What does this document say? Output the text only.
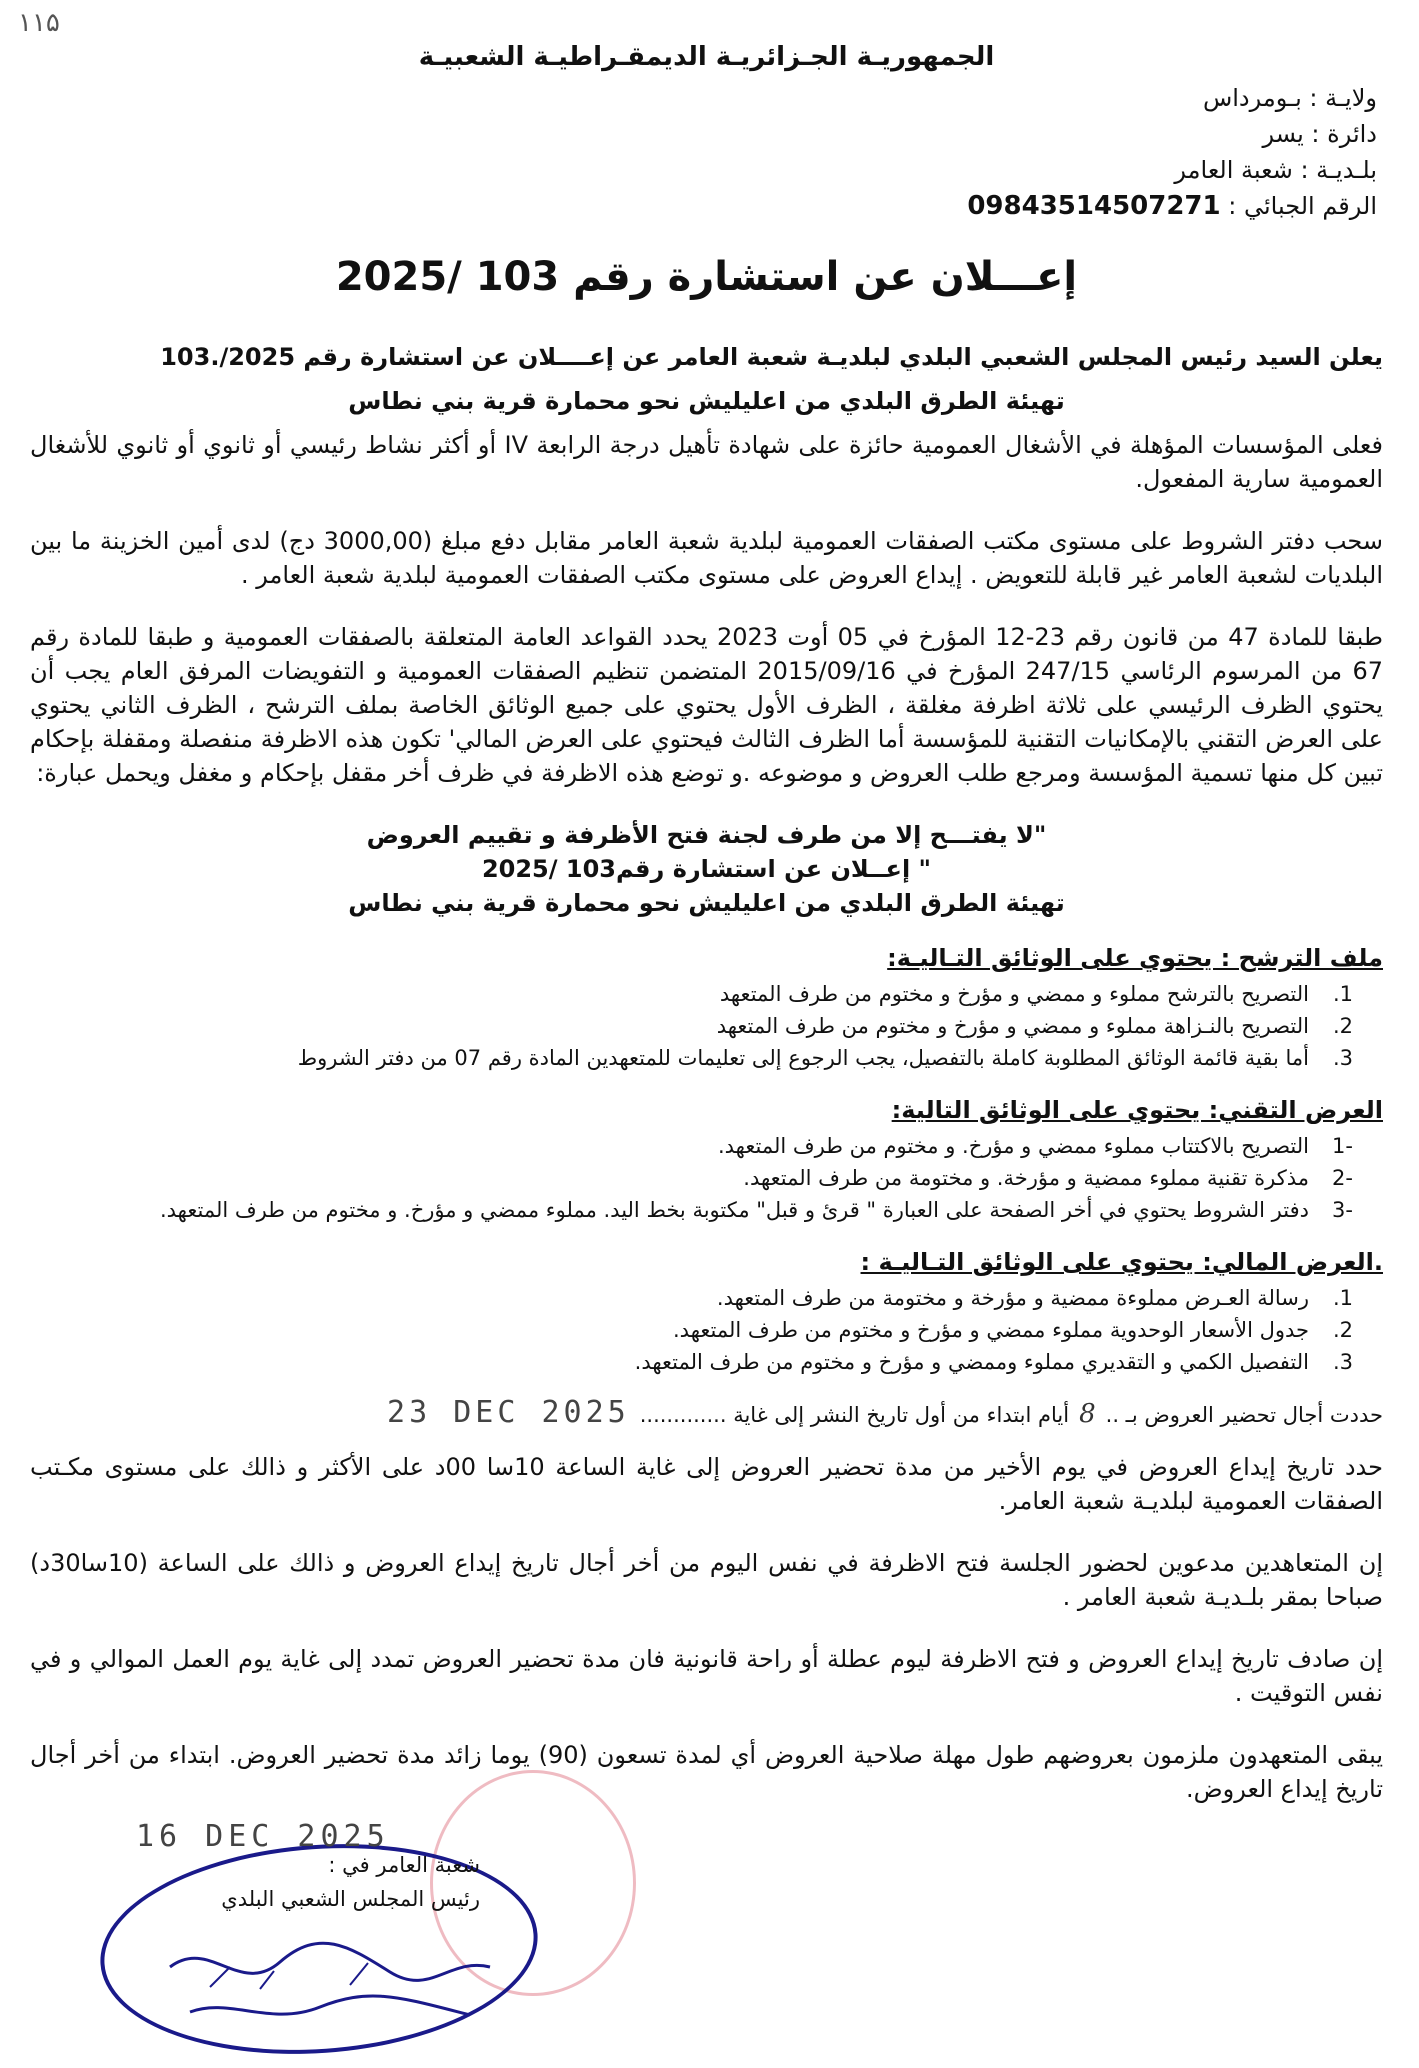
۱۱۵
الجمهوريـة الجـزائريـة الديمقـراطيـة الشعبيـة
ولايـة : بـومرداس
دائرة : يسر
بلـديـة : شعبة العامر
الرقم الجبائي : 09843514507271
إعـــلان عن استشارة رقم 103 /2025

يعلن السيد رئيس المجلس الشعبي البلدي لبلديـة شعبة العامر عن إعــــلان عن استشارة رقم 2025/.103

تهيئة الطرق البلدي من اعليليش نحو محمارة قرية بني نطاس

فعلى المؤسسات المؤهلة في الأشغال العمومية حائزة على شهادة تأهيل درجة الرابعة IV أو أكثر نشاط رئيسي أو ثانوي أو ثانوي للأشغال العمومية سارية المفعول.

سحب دفتر الشروط على مستوى مكتب الصفقات العمومية لبلدية شعبة العامر مقابل دفع مبلغ (3000,00 دج) لدى أمين الخزينة ما بين البلديات لشعبة العامر غير قابلة للتعويض . إيداع العروض على مستوى مكتب الصفقات العمومية لبلدية شعبة العامر .

طبقا للمادة 47 من قانون رقم 23-12 المؤرخ في 05 أوت 2023 يحدد القواعد العامة المتعلقة بالصفقات العمومية و طبقا للمادة رقم 67 من المرسوم الرئاسي 247/15 المؤرخ في 2015/09/16 المتضمن تنظيم الصفقات العمومية و التفويضات المرفق العام يجب أن يحتوي الظرف الرئيسي على ثلاثة اظرفة مغلقة ، الظرف الأول يحتوي على جميع الوثائق الخاصة بملف الترشح ، الظرف الثاني يحتوي على العرض التقني بالإمكانيات التقنية للمؤسسة أما الظرف الثالث فيحتوي على العرض المالي' تكون هذه الاظرفة منفصلة ومقفلة بإحكام تبين كل منها تسمية المؤسسة ومرجع طلب العروض و موضوعه .و توضع هذه الاظرفة في ظرف أخر مقفل بإحكام و مغفل ويحمل عبارة:

"لا يفتـــح إلا من طرف لجنة فتح الأظرفة و تقييم العروض
" إعــلان عن استشارة رقم103 /2025
تهيئة الطرق البلدي من اعليليش نحو محمارة قرية بني نطاس
ملف الترشح : يحتوي على الوثائق التـاليـة:
1.
التصريح بالترشح مملوء و ممضي و مؤرخ و مختوم من طرف المتعهد
2.
التصريح بالنـزاهة مملوء و ممضي و مؤرخ و مختوم من طرف المتعهد
3.
أما بقية قائمة الوثائق المطلوبة كاملة بالتفصيل، يجب الرجوع إلى تعليمات للمتعهدين المادة رقم 07 من دفتر الشروط
العرض التقني: يحتوي على الوثائق التالية:
-1
التصريح بالاكتتاب مملوء ممضي و مؤرخ. و مختوم من طرف المتعهد.
-2
مذكرة تقنية مملوء ممضية و مؤرخة. و مختومة من طرف المتعهد.
-3
دفتر الشروط يحتوي في أخر الصفحة على العبارة " قرئ و قبل" مكتوبة بخط اليد. مملوء ممضي و مؤرخ. و مختوم من طرف المتعهد.
.العرض المالي: يحتوي على الوثائق التـاليـة :
1.
رسالة العـرض مملوءة ممضية و مؤرخة و مختومة من طرف المتعهد.
2.
جدول الأسعار الوحدوية مملوء ممضي و مؤرخ و مختوم من طرف المتعهد.
3.
التفصيل الكمي و التقديري مملوء وممضي و مؤرخ و مختوم من طرف المتعهد.
حددت أجال تحضير العروض بـ ..
8
أيام ابتداء من أول تاريخ النشر إلى غاية .............
23 DEC 2025

حدد تاريخ إيداع العروض في يوم الأخير من مدة تحضير العروض إلى غاية الساعة 10سا 00د على الأكثر و ذالك على مستوى مكـتب الصفقات العمومية لبلديـة شعبة العامر.

إن المتعاهدين مدعوين لحضور الجلسة فتح الاظرفة في نفس اليوم من أخر أجال تاريخ إيداع العروض و ذالك على الساعة (10سا30د) صباحا بمقر بلـديـة شعبة العامر .

إن صادف تاريخ إيداع العروض و فتح الاظرفة ليوم عطلة أو راحة قانونية فان مدة تحضير العروض تمدد إلى غاية يوم العمل الموالي و في نفس التوقيت .

يبقى المتعهدون ملزمون بعروضهم طول مهلة صلاحية العروض أي لمدة تسعون (90) يوما زائد مدة تحضير العروض. ابتداء من أخر أجال تاريخ إيداع العروض.

16 DEC 2025
شعبة العامر في :
رئيس المجلس الشعبي البلدي
